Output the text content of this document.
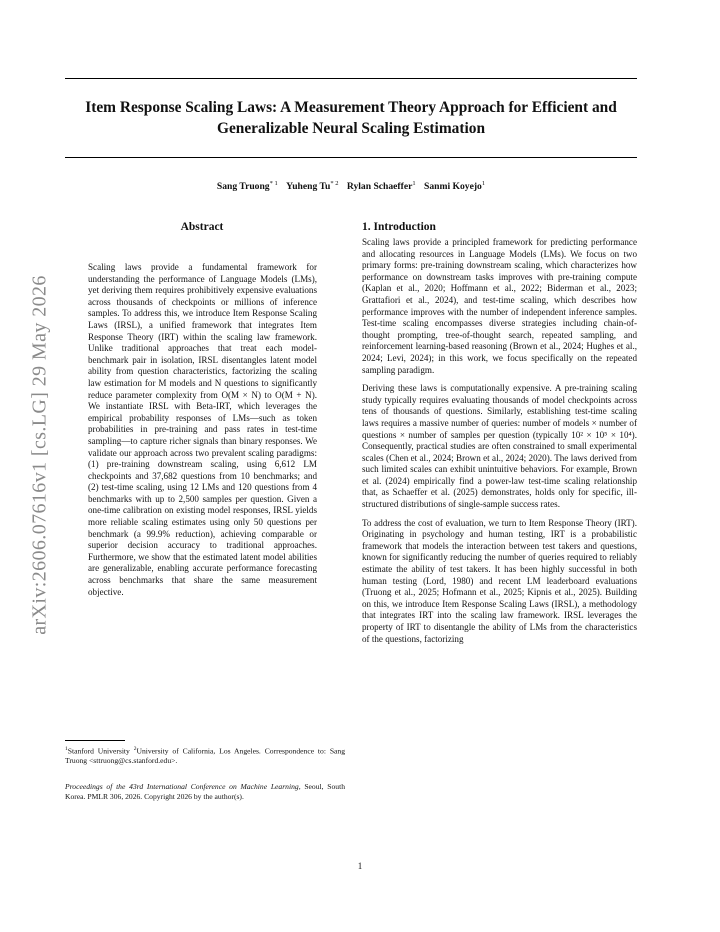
Item Response Scaling Laws: A Measurement Theory Approach for Efficient and Generalizable Neural Scaling Estimation
Sang Truong$^{* 1}$ Yuheng Tu$^{* 2}$ Rylan Schaeffer$^1$ Sanmi Koyejo$^1$
arXiv:2606.07616v1 [cs.LG] 29 May 2026
Abstract

Scaling laws provide a fundamental framework for understanding the performance of Language Models (LMs), yet deriving them requires prohibitively expensive evaluations across thousands of checkpoints or millions of inference samples. To address this, we introduce Item Response Scaling Laws (IRSL), a unified framework that integrates Item Response Theory (IRT) within the scaling law framework. Unlike traditional approaches that treat each model-benchmark pair in isolation, IRSL disentangles latent model ability from question characteristics, factorizing the scaling law estimation for M models and N questions to significantly reduce parameter complexity from O(M × N) to O(M + N). We instantiate IRSL with Beta-IRT, which leverages the empirical probability responses of LMs—such as token probabilities in pre-training and pass rates in test-time sampling—to capture richer signals than binary responses. We validate our approach across two prevalent scaling paradigms: (1) pre-training downstream scaling, using 6,612 LM checkpoints and 37,682 questions from 10 benchmarks; and (2) test-time scaling, using 12 LMs and 120 questions from 4 benchmarks with up to 2,500 samples per question. Given a one-time calibration on existing model responses, IRSL yields more reliable scaling estimates using only 50 questions per benchmark (a 99.9% reduction), achieving comparable or superior decision accuracy to traditional approaches. Furthermore, we show that the estimated latent model abilities are generalizable, enabling accurate performance forecasting across benchmarks that share the same measurement objective.

$^1$Stanford University $^2$University of California, Los Angeles. Correspondence to: Sang Truong <sttruong@cs.stanford.edu>.
Proceedings of the 43rd International Conference on Machine Learning, Seoul, South Korea. PMLR 306, 2026. Copyright 2026 by the author(s).
1. Introduction

Scaling laws provide a principled framework for predicting performance and allocating resources in Language Models (LMs). We focus on two primary forms: pre-training downstream scaling, which characterizes how performance on downstream tasks improves with pre-training compute (Kaplan et al., 2020; Hoffmann et al., 2022; Biderman et al., 2023; Grattafiori et al., 2024), and test-time scaling, which describes how performance improves with the number of independent inference samples. Test-time scaling encompasses diverse strategies including chain-of-thought prompting, tree-of-thought search, repeated sampling, and reinforcement learning-based reasoning (Brown et al., 2024; Hughes et al., 2024; Levi, 2024); in this work, we focus specifically on the repeated sampling paradigm.

Deriving these laws is computationally expensive. A pre-training scaling study typically requires evaluating thousands of model checkpoints across tens of thousands of questions. Similarly, establishing test-time scaling laws requires a massive number of queries: number of models × number of questions × number of samples per question (typically 10² × 10⁵ × 10⁴). Consequently, practical studies are often constrained to small experimental scales (Chen et al., 2024; Brown et al., 2024; 2020). The laws derived from such limited scales can exhibit unintuitive behaviors. For example, Brown et al. (2024) empirically find a power-law test-time scaling relationship that, as Schaeffer et al. (2025) demonstrates, holds only for specific, ill-structured distributions of single-sample success rates.

To address the cost of evaluation, we turn to Item Response Theory (IRT). Originating in psychology and human testing, IRT is a probabilistic framework that models the interaction between test takers and questions, known for significantly reducing the number of queries required to reliably estimate the ability of test takers. It has been highly successful in both human testing (Lord, 1980) and recent LM leaderboard evaluations (Truong et al., 2025; Hofmann et al., 2025; Kipnis et al., 2025). Building on this, we introduce Item Response Scaling Laws (IRSL), a methodology that integrates IRT into the scaling law framework. IRSL leverages the property of IRT to disentangle the ability of LMs from the characteristics of the questions, factorizing

1
